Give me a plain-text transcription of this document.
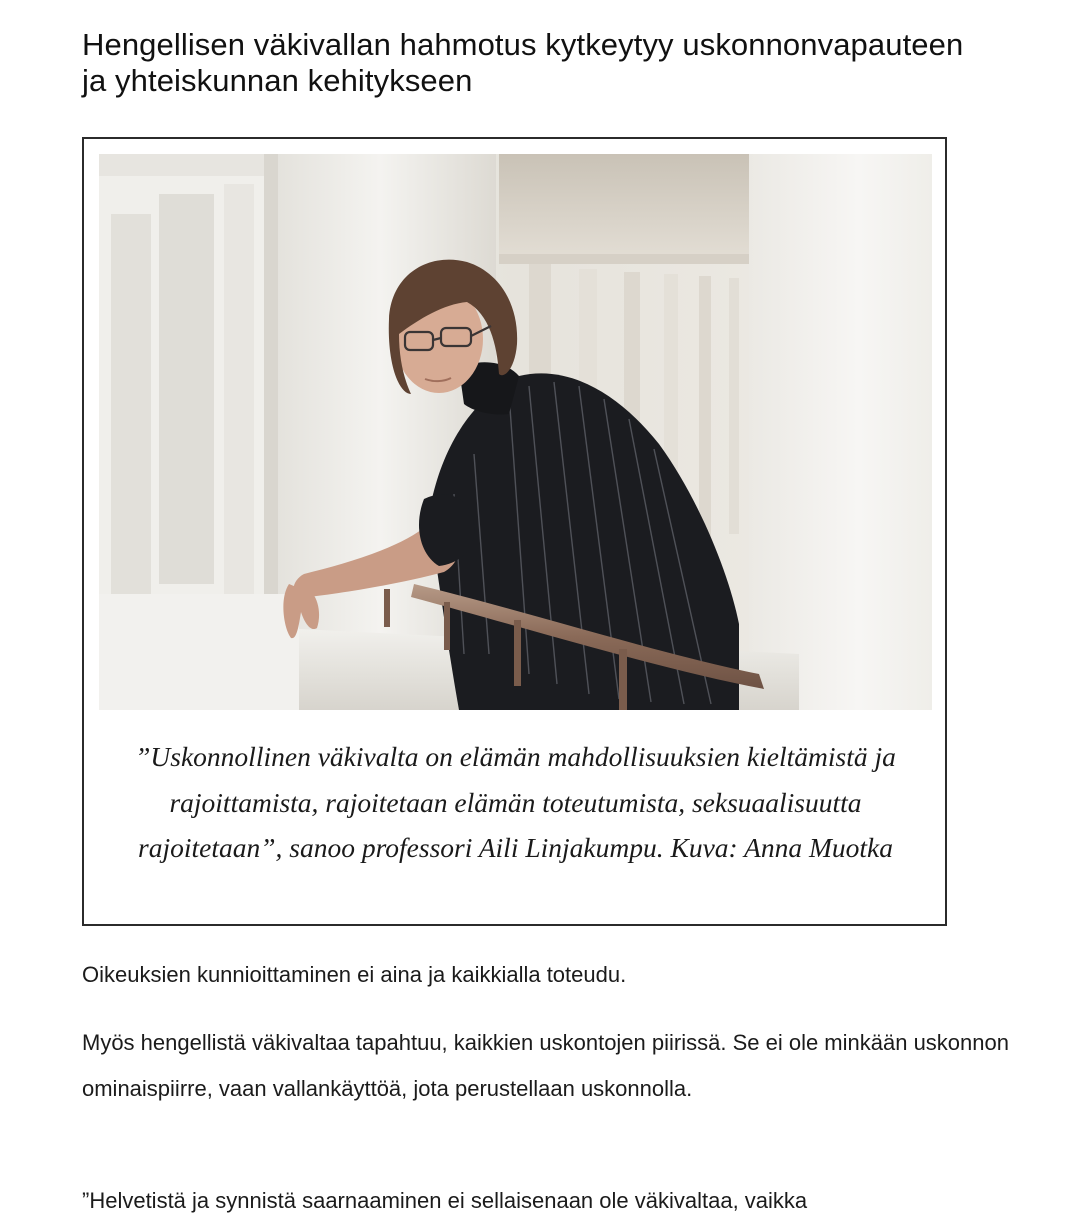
Hengellisen väkivallan hahmotus kytkeytyy uskonnonvapauteen ja yhteiskunnan kehitykseen
”Uskonnollinen väkivalta on elämän mahdollisuuksien kieltämistä ja rajoittamista, rajoitetaan elämän toteutumista, seksuaalisuutta rajoitetaan”, sanoo professori Aili Linjakumpu. Kuva: Anna Muotka

Oikeuksien kunnioittaminen ei aina ja kaikkialla toteudu.

Myös hengellistä väkivaltaa tapahtuu, kaikkien uskontojen piirissä. Se ei ole minkään uskonnon ominaispiirre, vaan vallankäyttöä, jota perustellaan uskonnolla.

”Helvetistä ja synnistä saarnaaminen ei sellaisenaan ole väkivaltaa, vaikka
